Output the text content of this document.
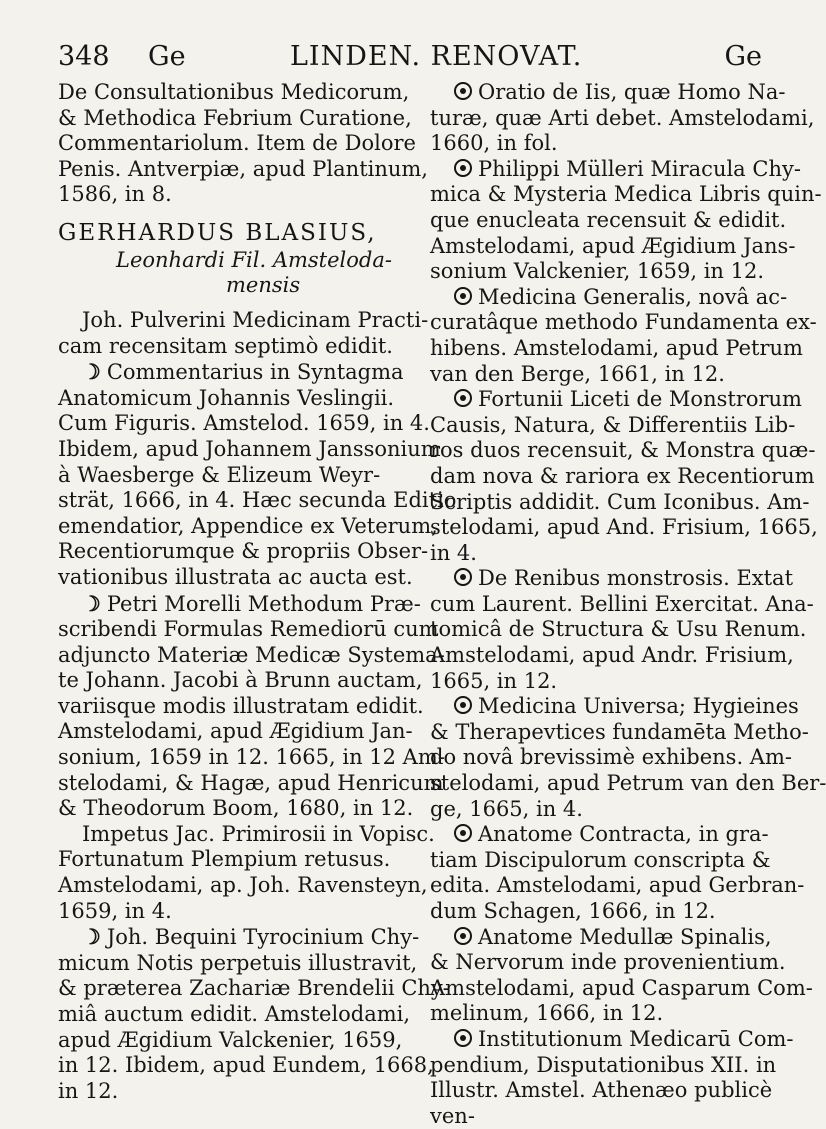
348 Ge	LINDEN. RENOVAT.	Ge
De Consultationibus Medicorum,
& Methodica Febrium Curatione,
Commentariolum. Item de Dolore
Penis. Antverpiæ, apud Plantinum,
1586, in 8.
GERHARDUS BLASIUS,
Leonhardi Fil. Amstelodа-
mensis

Joh. Pulverini Medicinam Practi-
cam recensitam septimò edidit.

☽ Commentarius in Syntagma
Anatomicum Johannis Veslingii.
Cum Figuris. Amstelod. 1659, in 4.
Ibidem, apud Johannem Janssonium
à Waesberge & Elizeum Weyr-
strät, 1666, in 4. Hæc secunda Editio
emendatior, Appendice ex Veterum,
Recentiorumque & propriis Obser-
vationibus illustrata ac aucta est.

☽ Petri Morelli Methodum Præ-
scribendi Formulas Remediorū cum
adjuncto Materiæ Medicæ Systema-
te Johann. Jacobi à Brunn auctam,
variisque modis illustratam edidit.
Amstelodami, apud Ægidium Jan-
sonium, 1659 in 12. 1665, in 12 Am-
stelodami, & Hagæ, apud Henricum
& Theodorum Boom, 1680, in 12.

Impetus Jac. Primirosii in Vopisc.
Fortunatum Plempium retusus.
Amstelodami, ap. Joh. Ravensteyn,
1659, in 4.

☽ Joh. Bequini Tyrocinium Chy-
micum Notis perpetuis illustravit,
& præterea Zachariæ Brendelii Chy-
miâ auctum edidit. Amstelodami,
apud Ægidium Valckenier, 1659,
in 12. Ibidem, apud Eundem, 1668,
in 12.

Oratio de Iis, quæ Homo Na-
turæ, quæ Arti debet. Amstelodami,
1660, in fol.

Philippi Mülleri Miracula Chy-
mica & Mysteria Medica Libris quin-
que enucleata recensuit & edidit.
Amstelodami, apud Ægidium Jans-
sonium Valckenier, 1659, in 12.

Medicina Generalis, novâ ac-
curatâque methodo Fundamenta ex-
hibens. Amstelodami, apud Petrum
van den Berge, 1661, in 12.

Fortunii Liceti de Monstrorum
Causis, Natura, & Differentiis Lib-
ros duos recensuit, & Monstra quæ-
dam nova & rariora ex Recentiorum
Scriptis addidit. Cum Iconibus. Am-
stelodami, apud And. Frisium, 1665,
in 4.

De Renibus monstrosis. Extat
cum Laurent. Bellini Exercitat. Ana-
tomicâ de Structura & Usu Renum.
Amstelodami, apud Andr. Frisium,
1665, in 12.

Medicina Universa; Hygieines
& Therapevtices fundamēta Metho-
do novâ brevissimè exhibens. Am-
stelodami, apud Petrum van den Ber-
ge, 1665, in 4.

Anatome Contracta, in gra-
tiam Discipulorum conscripta &
edita. Amstelodami, apud Gerbran-
dum Schagen, 1666, in 12.

Anatome Medullæ Spinalis,
& Nervorum inde provenientium.
Amstelodami, apud Casparum Com-
melinum, 1666, in 12.

Institutionum Medicarū Com-
pendium, Disputationibus XII. in
Illustr. Amstel. Athenæo publicè
ven-
